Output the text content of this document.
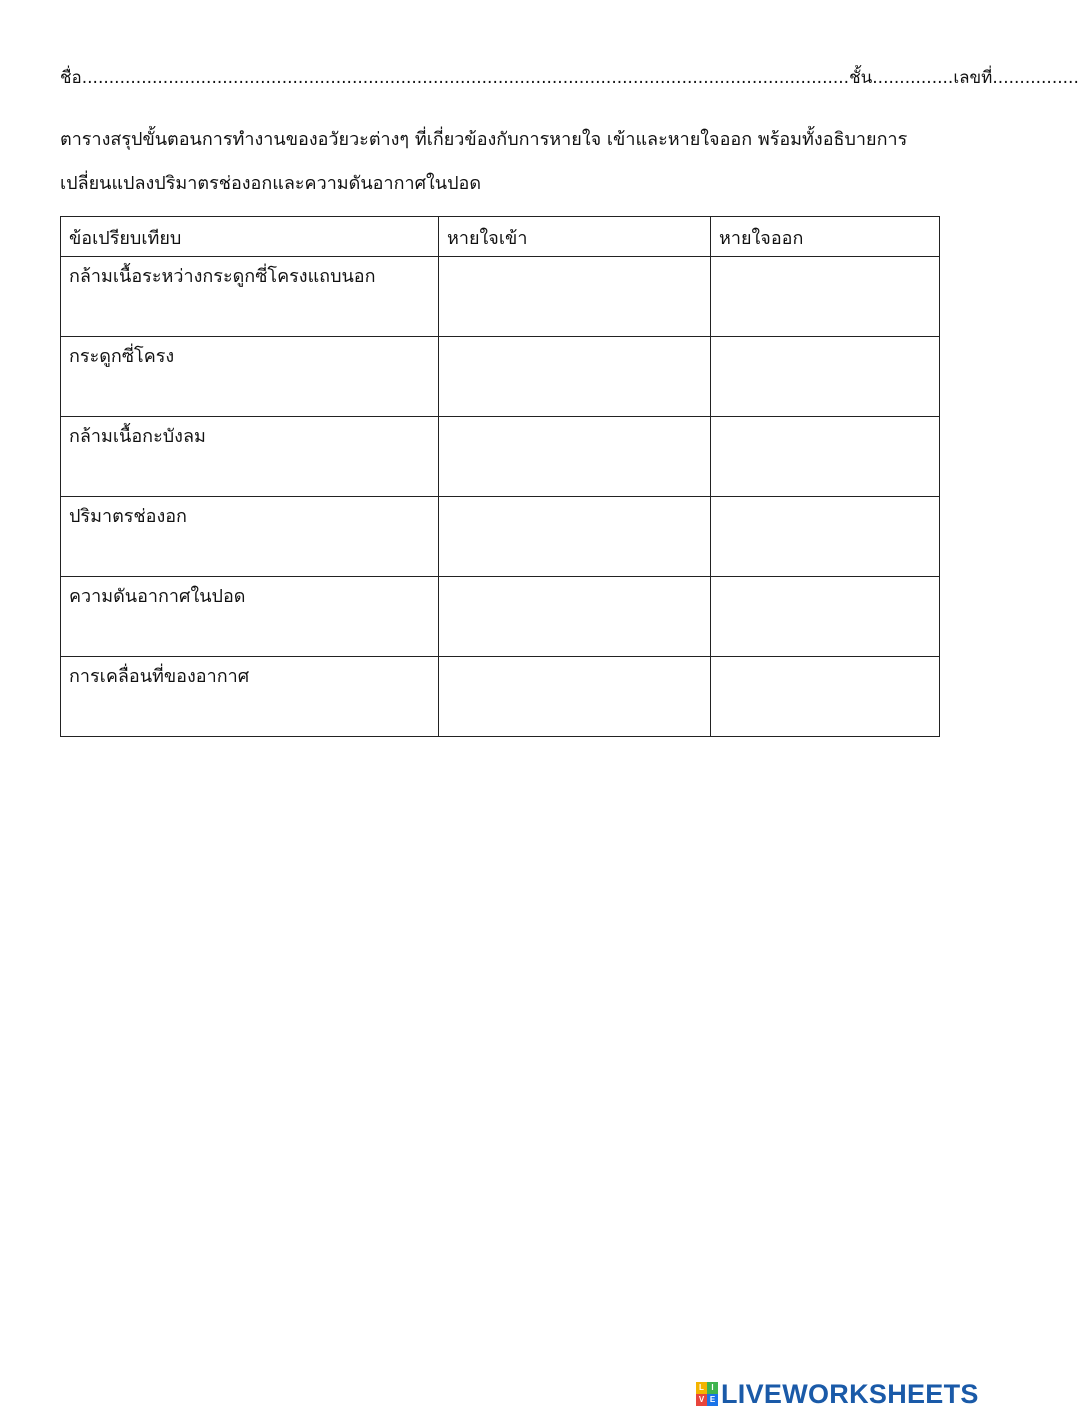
ชื่อ..............................................................................................................................................ชั้น...............เลขที่................
ตารางสรุปขั้นตอนการทำงานของอวัยวะต่างๆ ที่เกี่ยวข้องกับการหายใจ เข้าและหายใจออก พร้อมทั้งอธิบายการ
เปลี่ยนแปลงปริมาตรช่องอกและความดันอากาศในปอด
ข้อเปรียบเทียบ	หายใจเข้า	หายใจออก
กล้ามเนื้อระหว่างกระดูกซี่โครงแถบนอก		
กระดูกซี่โครง		
กล้ามเนื้อกะบังลม		
ปริมาตรช่องอก		
ความดันอากาศในปอด		
การเคลื่อนที่ของอากาศ		
L I
V E LIVEWORKSHEETS
